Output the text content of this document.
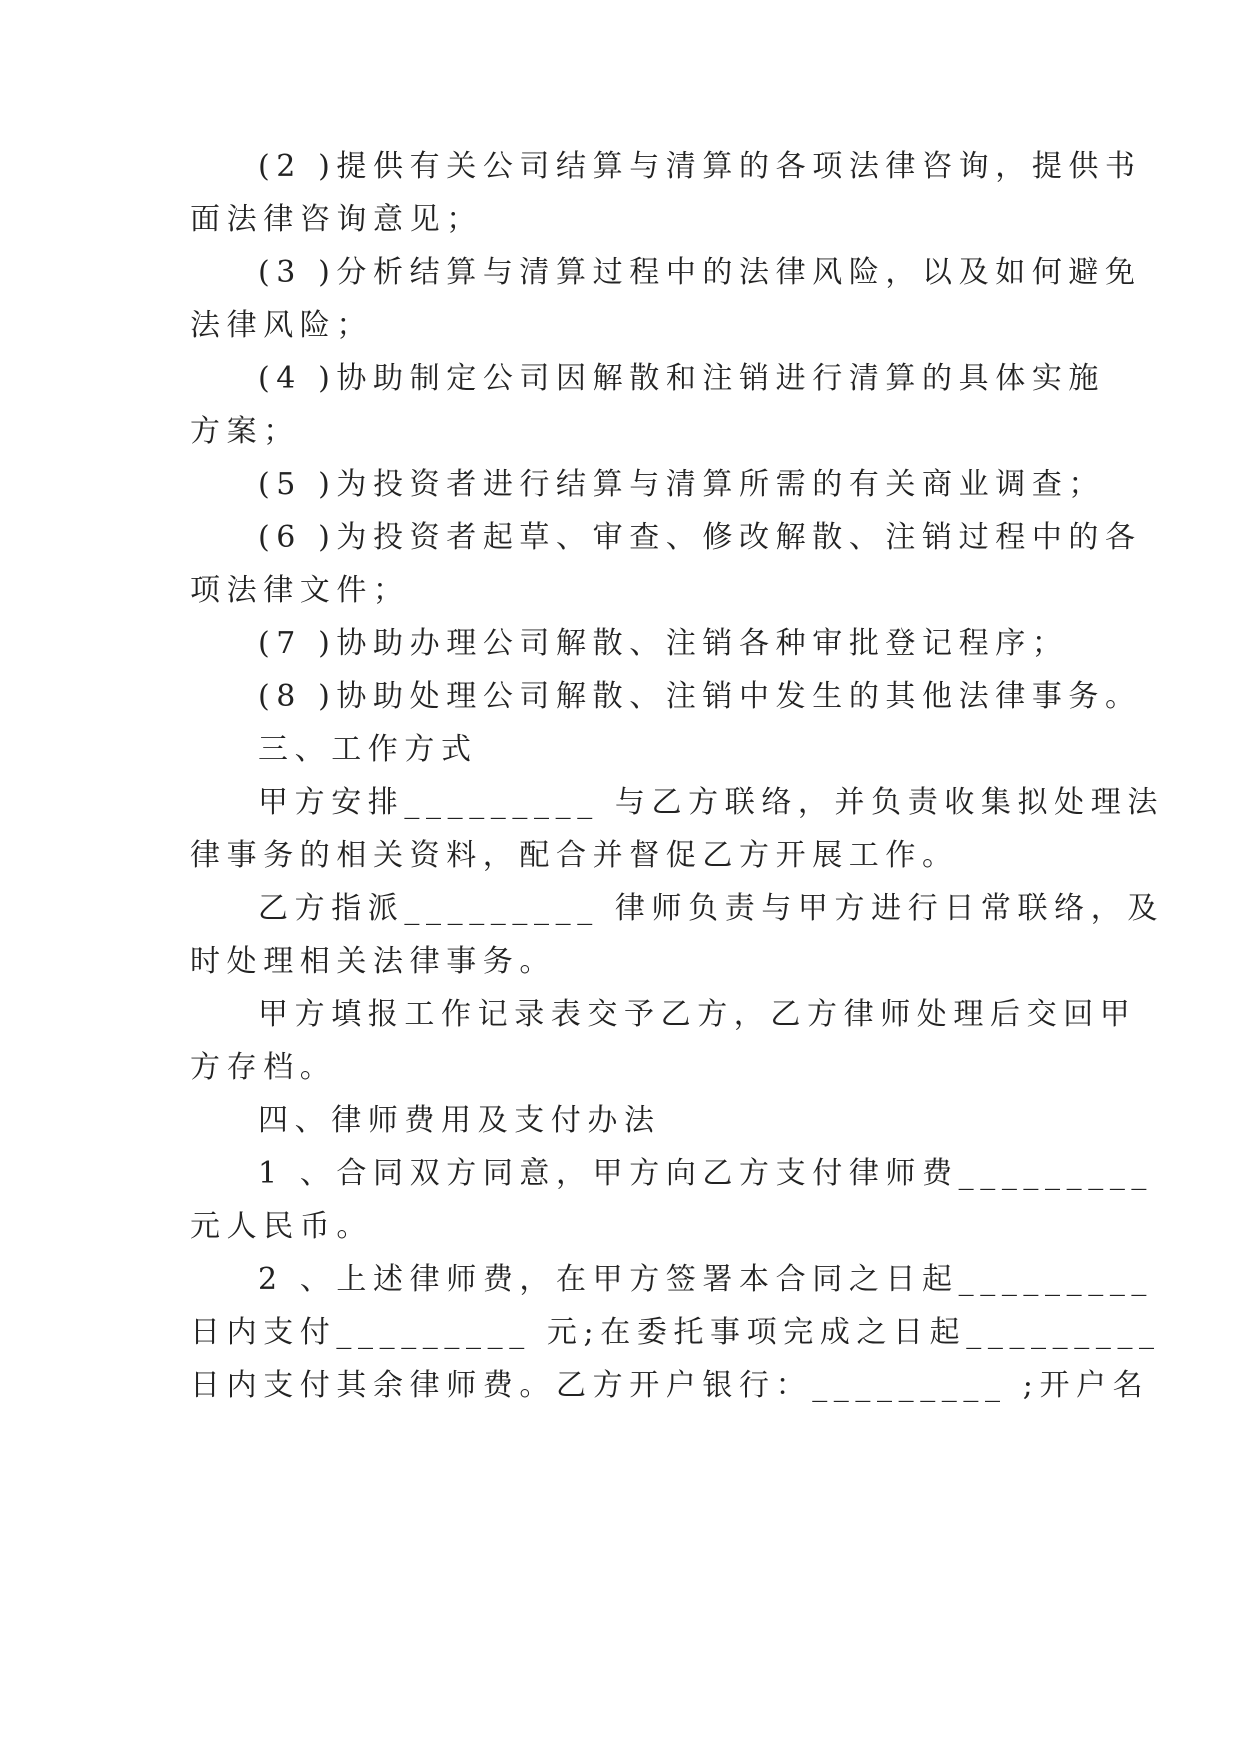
(2 )提供有关公司结算与清算的各项法律咨询，提供书
面法律咨询意见；
(3 )分析结算与清算过程中的法律风险，以及如何避免
法律风险；
(4 )协助制定公司因解散和注销进行清算的具体实施
方案；
(5 )为投资者进行结算与清算所需的有关商业调查；
(6 )为投资者起草、审查、修改解散、注销过程中的各
项法律文件；
(7 )协助办理公司解散、注销各种审批登记程序；
(8 )协助处理公司解散、注销中发生的其他法律事务。
三、工作方式
甲方安排_________ 与乙方联络，并负责收集拟处理法
律事务的相关资料，配合并督促乙方开展工作。
乙方指派_________ 律师负责与甲方进行日常联络，及
时处理相关法律事务。
甲方填报工作记录表交予乙方，乙方律师处理后交回甲
方存档。
四、律师费用及支付办法
1 、合同双方同意，甲方向乙方支付律师费_________
元人民币。
2 、上述律师费，在甲方签署本合同之日起_________
日内支付_________ 元;在委托事项完成之日起_________
日内支付其余律师费。乙方开户银行：_________ ;开户名
